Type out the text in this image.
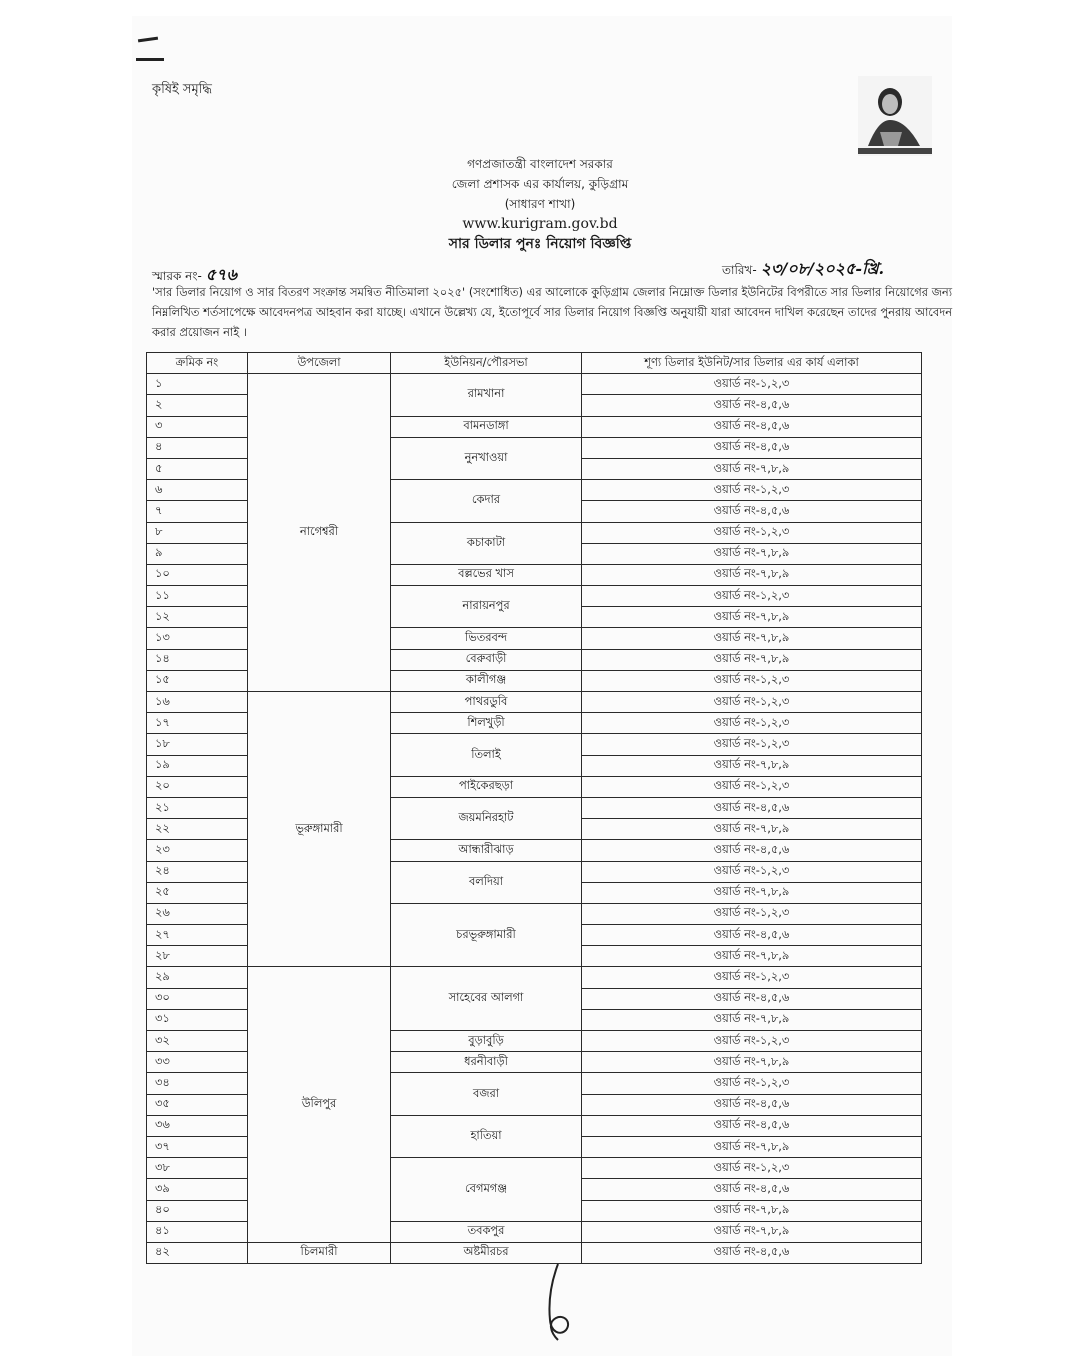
কৃষিই সমৃদ্ধি
গণপ্রজাতন্ত্রী বাংলাদেশ সরকার
জেলা প্রশাসক এর কার্যালয়, কুড়িগ্রাম
(সাধারণ শাখা)
www.kurigram.gov.bd
সার ডিলার পুনঃ নিয়োগ বিজ্ঞপ্তি
স্মারক নং- ৫৭৬	তারিখ- ২৩/০৮/২০২৫-খ্রি.
'সার ডিলার নিয়োগ ও সার বিতরণ সংক্রান্ত সমন্বিত নীতিমালা ২০২৫' (সংশোধিত) এর আলোকে কুড়িগ্রাম জেলার নিম্নোক্ত ডিলার ইউনিটের বিপরীতে সার ডিলার নিয়োগের জন্য নিম্নলিখিত শর্তসাপেক্ষে আবেদনপত্র আহবান করা যাচ্ছে। এখানে উল্লেখ্য যে, ইতোপূর্বে সার ডিলার নিয়োগ বিজ্ঞপ্তি অনুযায়ী যারা আবেদন দাখিল করেছেন তাদের পুনরায় আবেদন করার প্রয়োজন নাই ।
ক্রমিক নং	উপজেলা	ইউনিয়ন/পৌরসভা	শূণ্য ডিলার ইউনিট/সার ডিলার এর কার্য এলাকা
১	নাগেশ্বরী	রামখানা	ওয়ার্ড নং-১,২,৩
২			ওয়ার্ড নং-৪,৫,৬
৩		বামনডাঙ্গা	ওয়ার্ড নং-৪,৫,৬
৪		নুনখাওয়া	ওয়ার্ড নং-৪,৫,৬
৫			ওয়ার্ড নং-৭,৮,৯
৬		কেদার	ওয়ার্ড নং-১,২,৩
৭			ওয়ার্ড নং-৪,৫,৬
৮		কচাকাটা	ওয়ার্ড নং-১,২,৩
৯			ওয়ার্ড নং-৭,৮,৯
১০		বল্লভের খাস	ওয়ার্ড নং-৭,৮,৯
১১		নারায়নপুর	ওয়ার্ড নং-১,২,৩
১২			ওয়ার্ড নং-৭,৮,৯
১৩		ভিতরবন্দ	ওয়ার্ড নং-৭,৮,৯
১৪		বেরুবাড়ী	ওয়ার্ড নং-৭,৮,৯
১৫		কালীগঞ্জ	ওয়ার্ড নং-১,২,৩
১৬	ভূরুঙ্গামারী	পাথরডুবি	ওয়ার্ড নং-১,২,৩
১৭		শিলখুড়ী	ওয়ার্ড নং-১,২,৩
১৮		তিলাই	ওয়ার্ড নং-১,২,৩
১৯			ওয়ার্ড নং-৭,৮,৯
২০		পাইকেরছড়া	ওয়ার্ড নং-১,২,৩
২১		জয়মনিরহাট	ওয়ার্ড নং-৪,৫,৬
২২			ওয়ার্ড নং-৭,৮,৯
২৩		আন্ধারীঝাড়	ওয়ার্ড নং-৪,৫,৬
২৪		বলদিয়া	ওয়ার্ড নং-১,২,৩
২৫			ওয়ার্ড নং-৭,৮,৯
২৬		চরভূরুঙ্গামারী	ওয়ার্ড নং-১,২,৩
২৭			ওয়ার্ড নং-৪,৫,৬
২৮			ওয়ার্ড নং-৭,৮,৯
২৯	উলিপুর	সাহেবের আলগা	ওয়ার্ড নং-১,২,৩
৩০			ওয়ার্ড নং-৪,৫,৬
৩১			ওয়ার্ড নং-৭,৮,৯
৩২		বুড়াবুড়ি	ওয়ার্ড নং-১,২,৩
৩৩		ধরনীবাড়ী	ওয়ার্ড নং-৭,৮,৯
৩৪		বজরা	ওয়ার্ড নং-১,২,৩
৩৫			ওয়ার্ড নং-৪,৫,৬
৩৬		হাতিয়া	ওয়ার্ড নং-৪,৫,৬
৩৭			ওয়ার্ড নং-৭,৮,৯
৩৮		বেগমগঞ্জ	ওয়ার্ড নং-১,২,৩
৩৯			ওয়ার্ড নং-৪,৫,৬
৪০			ওয়ার্ড নং-৭,৮,৯
৪১		তবকপুর	ওয়ার্ড নং-৭,৮,৯
৪২	চিলমারী	অষ্টমীরচর	ওয়ার্ড নং-৪,৫,৬
